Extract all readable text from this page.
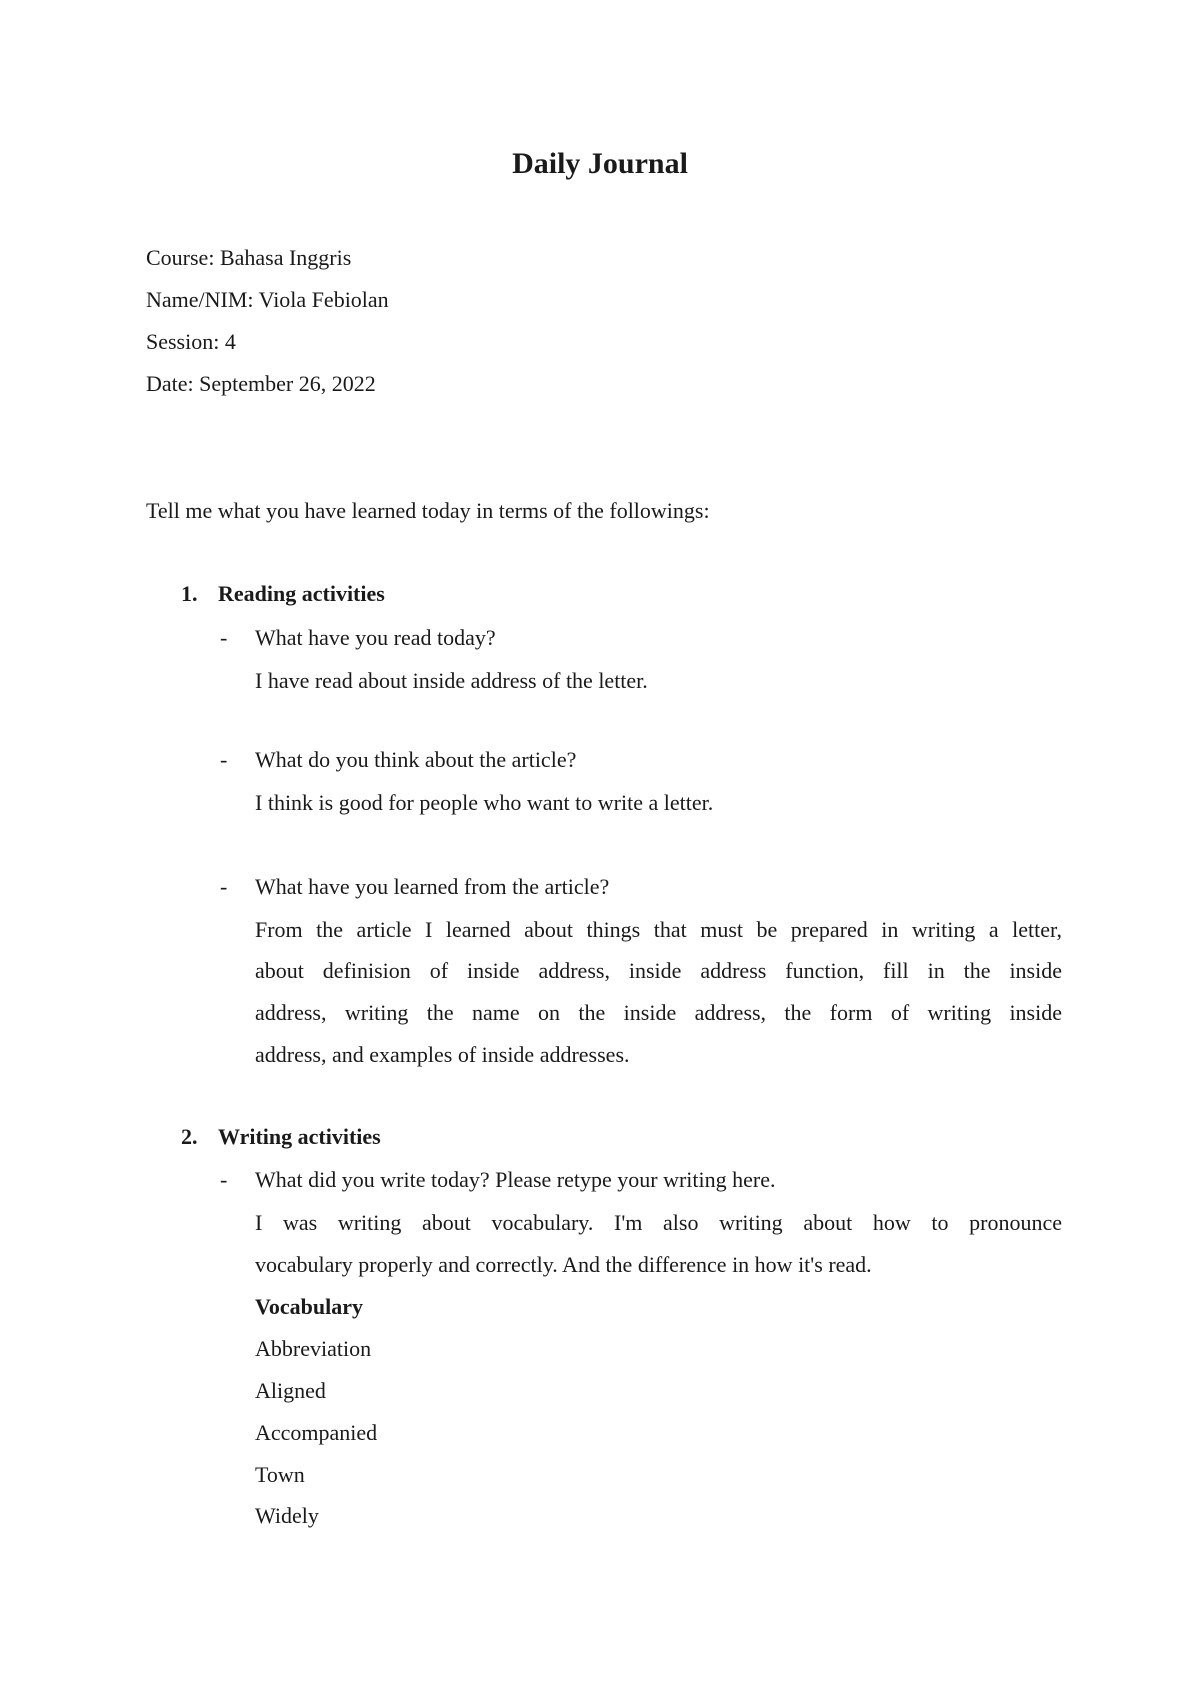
Daily Journal
Course: Bahasa Inggris
Name/NIM: Viola Febiolan
Session: 4
Date: September 26, 2022
Tell me what you have learned today in terms of the followings:
1. Reading activities
- What have you read today?
I have read about inside address of the letter.
- What do you think about the article?
I think is good for people who want to write a letter.
- What have you learned from the article?
From the article I learned about things that must be prepared in writing a letter,
about definision of inside address, inside address function, fill in the inside
address, writing the name on the inside address, the form of writing inside
address, and examples of inside addresses.
2. Writing activities
- What did you write today? Please retype your writing here.
I was writing about vocabulary. I'm also writing about how to pronounce
vocabulary properly and correctly. And the difference in how it's read.
Vocabulary
Abbreviation
Aligned
Accompanied
Town
Widely
